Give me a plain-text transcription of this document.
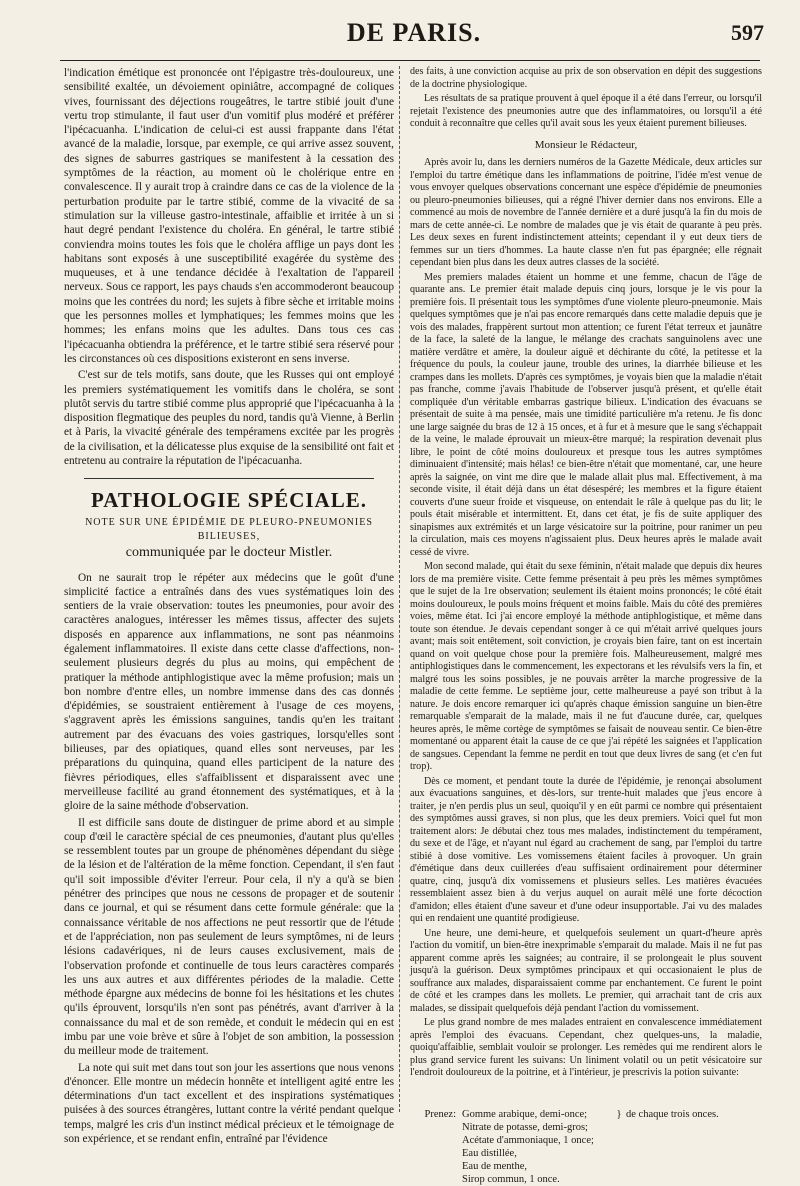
DE PARIS.	597

l'indication émétique est prononcée ont l'épigastre très-douloureux, une sensibilité exaltée, un dévoiement opiniâtre, accompagné de coliques vives, fournissant des déjections rougeâtres, le tartre stibié jouit d'une vertu trop stimulante, il faut user d'un vomitif plus modéré et préférer l'ipécacuanha. L'indication de celui-ci est aussi frappante dans l'état avancé de la maladie, lorsque, par exemple, ce qui arrive assez souvent, des signes de saburres gastriques se manifestent à la cessation des symptômes de la réaction, au moment où le cholérique entre en convalescence. Il y aurait trop à craindre dans ce cas de la violence de la perturbation produite par le tartre stibié, comme de la vivacité de sa stimulation sur la villeuse gastro-intestinale, affaiblie et irritée à un si haut degré pendant l'existence du choléra. En général, le tartre stibié conviendra moins toutes les fois que le choléra afflige un pays dont les habitans sont exposés à une susceptibilité exagérée du système des muqueuses, et à une tendance décidée à l'exaltation de l'appareil nerveux. Sous ce rapport, les pays chauds s'en accommoderont beaucoup moins que les contrées du nord; les sujets à fibre sèche et irritable moins que les personnes molles et lymphatiques; les femmes moins que les hommes; les enfans moins que les adultes. Dans tous ces cas l'ipécacuanha obtiendra la préférence, et le tartre stibié sera réservé pour les circonstances où ces dispositions existeront en sens inverse.

C'est sur de tels motifs, sans doute, que les Russes qui ont employé les premiers systématiquement les vomitifs dans le choléra, se sont plutôt servis du tartre stibié comme plus approprié que l'ipécacuanha à la disposition flegmatique des peuples du nord, tandis qu'à Vienne, à Berlin et à Paris, la vivacité générale des tempéramens excitée par les progrès de la civilisation, et la délicatesse plus exquise de la sensibilité ont fait et entretenu au contraire la réputation de l'ipécacuanha.

PATHOLOGIE SPÉCIALE.
NOTE SUR UNE ÉPIDÉMIE DE PLEURO-PNEUMONIES BILIEUSES,
communiquée par le docteur Mistler.

On ne saurait trop le répéter aux médecins que le goût d'une simplicité factice a entraînés dans des vues systématiques loin des sentiers de la vraie observation: toutes les pneumonies, pour avoir des caractères analogues, intéresser les mêmes tissus, affecter des sujets disposés en apparence aux inflammations, ne sont pas néanmoins également inflammatoires. Il existe dans cette classe d'affections, non-seulement plusieurs degrés du plus au moins, qui empêchent de pratiquer la méthode antiphlogistique avec la même profusion; mais un bon nombre d'entre elles, un nombre immense dans des cas donnés d'épidémies, se soustraient entièrement à l'usage de ces moyens, s'aggravent après les émissions sanguines, tandis qu'en les traitant autrement par des évacuans des voies gastriques, lorsqu'elles sont bilieuses, par des opiatiques, quand elles sont nerveuses, par les préparations du quinquina, quand elles participent de la nature des fièvres périodiques, elles s'affaiblissent et disparaissent avec une merveilleuse facilité au grand étonnement des systématiques, et à la gloire de la saine méthode d'observation.

Il est difficile sans doute de distinguer de prime abord et au simple coup d'œil le caractère spécial de ces pneumonies, d'autant plus qu'elles se ressemblent toutes par un groupe de phénomènes dépendant du siège de la lésion et de l'altération de la même fonction. Cependant, il s'en faut qu'il soit impossible d'éviter l'erreur. Pour cela, il n'y a qu'à se bien pénétrer des principes que nous ne cessons de propager et de soutenir dans ce journal, et qui se résument dans cette formule générale: que la connaissance véritable de nos affections ne peut ressortir que de l'étude et de l'appréciation, non pas seulement de leurs symptômes, ni de leurs lésions cadavériques, ni de leurs causes exclusivement, mais de l'observation profonde et continuelle de tous leurs caractères comparés les uns aux autres et aux différentes périodes de la maladie. Cette méthode épargne aux médecins de bonne foi les hésitations et les chutes qu'ils éprouvent, lorsqu'ils n'en sont pas pénétrés, avant d'arriver à la connaissance du mal et de son remède, et conduit le médecin qui en est imbu par une voie brève et sûre à l'objet de son ambition, la possession du meilleur mode de traitement.

La note qui suit met dans tout son jour les assertions que nous venons d'énoncer. Elle montre un médecin honnête et intelligent agité entre les déterminations d'un tact excellent et des inspirations systématiques puisées à des sources étrangères, luttant contre la vérité pendant quelque temps, malgré les cris d'un instinct médical précieux et le témoignage de son expérience, et se rendant enfin, entraîné par l'évidence

des faits, à une conviction acquise au prix de son observation en dépit des suggestions de la doctrine physiologique.

Les résultats de sa pratique prouvent à quel époque il a été dans l'erreur, ou lorsqu'il rejetait l'existence des pneumonies autre que des inflammatoires, ou lorsqu'il a été conduit à reconnaître que celles qu'il avait sous les yeux étaient purement bilieuses.

Monsieur le Rédacteur,

Après avoir lu, dans les derniers numéros de la Gazette Médicale, deux articles sur l'emploi du tartre émétique dans les inflammations de poitrine, l'idée m'est venue de vous envoyer quelques observations concernant une espèce d'épidémie de pneumonies ou pleuro-pneumonies bilieuses, qui a régné l'hiver dernier dans nos environs. Elle a commencé au mois de novembre de l'année dernière et a duré jusqu'à la fin du mois de mars de cette année-ci. Le nombre de malades que je vis était de quarante à peu près. Les deux sexes en furent indistinctement atteints; cependant il y eut deux tiers de femmes sur un tiers d'hommes. La haute classe n'en fut pas épargnée; elle régnait cependant bien plus dans les deux autres classes de la société.

Mes premiers malades étaient un homme et une femme, chacun de l'âge de quarante ans. Le premier était malade depuis cinq jours, lorsque je le vis pour la première fois. Il présentait tous les symptômes d'une violente pleuro-pneumonie. Mais quelques symptômes que je n'ai pas encore remarqués dans cette maladie depuis que je vois des malades, frappèrent surtout mon attention; ce furent l'état terreux et jaunâtre de la face, la saleté de la langue, le mélange des crachats sanguinolens avec une matière verdâtre et amère, la douleur aiguë et déchirante du côté, la petitesse et la fréquence du pouls, la couleur jaune, trouble des urines, la diarrhée bilieuse et les crampes dans les mollets. D'après ces symptômes, je voyais bien que la maladie n'était pas franche, comme j'avais l'habitude de l'observer jusqu'à présent, et qu'elle était compliquée d'un véritable embarras gastrique bilieux. L'indication des évacuans se présentait de suite à ma pensée, mais une timidité particulière m'a retenu. Je fis donc une large saignée du bras de 12 à 15 onces, et à fur et à mesure que le sang s'échappait de la veine, le malade éprouvait un mieux-être marqué; la respiration devenait plus libre, le point de côté moins douloureux et presque tous les autres symptômes diminuaient d'intensité; mais hélas! ce bien-être n'était que momentané, car, une heure après la saignée, on vint me dire que le malade allait plus mal. Effectivement, à ma seconde visite, il était déjà dans un état désespéré; les membres et la figure étaient couverts d'une sueur froide et visqueuse, on entendait le râle à quelque pas du lit; le pouls était misérable et intermittent. Et, dans cet état, je fis de suite appliquer des sinapismes aux extrémités et un large vésicatoire sur la poitrine, pour ranimer un peu la circulation, mais ces moyens n'agissaient plus. Deux heures après le malade avait cessé de vivre.

Mon second malade, qui était du sexe féminin, n'était malade que depuis dix heures lors de ma première visite. Cette femme présentait à peu près les mêmes symptômes que le sujet de la 1re observation; seulement ils étaient moins prononcés; le côté était moins douloureux, le pouls moins fréquent et moins faible. Mais du côté des premières voies, même état. Ici j'ai encore employé la méthode antiphlogistique, et même dans toute son étendue. Je devais cependant songer à ce qui m'était arrivé quelques jours avant; mais soit entêtement, soit conviction, je croyais bien faire, tant on est incertain quand on voit quelque chose pour la première fois. Malheureusement, malgré mes antiphlogistiques dans le commencement, les expectorans et les révulsifs vers la fin, et malgré tous les soins possibles, je ne pouvais arrêter la marche progressive de la maladie de cette femme. Le septième jour, cette malheureuse a payé son tribut à la nature. Je dois encore remarquer ici qu'après chaque émission sanguine un bien-être remarquable s'emparait de la malade, mais il ne fut d'aucune durée, car, quelques heures après, le même cortège de symptômes se faisait de nouveau sentir. Ce bien-être momentané ou apparent était la cause de ce que j'ai répété les saignées et l'application de sangsues. Cependant la femme ne perdit en tout que deux livres de sang (et c'en fut trop).

Dès ce moment, et pendant toute la durée de l'épidémie, je renonçai absolument aux évacuations sanguines, et dès-lors, sur trente-huit malades que j'eus encore à traiter, je n'en perdis plus un seul, quoiqu'il y en eût parmi ce nombre qui présentaient des symptômes aussi graves, si non plus, que les deux premiers. Voici quel fut mon traitement alors: Je débutai chez tous mes malades, indistinctement du tempérament, du sexe et de l'âge, et n'ayant nul égard au crachement de sang, par l'emploi du tartre stibié à dose vomitive. Les vomissemens étaient faciles à provoquer. Un grain d'émétique dans deux cuillerées d'eau suffisaient ordinairement pour déterminer quatre, cinq, jusqu'à dix vomissemens et plusieurs selles. Les matières évacuées ressemblaient assez bien à du verjus auquel on aurait mêlé une forte décoction d'amidon; elles étaient d'une saveur et d'une odeur insupportable. J'ai vu des malades qui en rendaient une quantité prodigieuse.

Une heure, une demi-heure, et quelquefois seulement un quart-d'heure après l'action du vomitif, un bien-être inexprimable s'emparait du malade. Mais il ne fut pas apparent comme après les saignées; au contraire, il se prolongeait le plus souvent jusqu'à la guérison. Deux symptômes principaux et qui occasionaient le plus de souffrance aux malades, disparaissaient comme par enchantement. Ce furent le point de côté et les crampes dans les mollets. Le premier, qui arrachait tant de cris aux malades, se dissipait quelquefois déjà pendant l'action du vomissement.

Le plus grand nombre de mes malades entraient en convalescence immédiatement après l'emploi des évacuans. Cependant, chez quelques-uns, la maladie, quoiqu'affaiblie, semblait vouloir se prolonger. Les remèdes qui me rendirent alors le plus grand service furent les suivans: Un liniment volatil ou un petit vésicatoire sur l'endroit douloureux de la poitrine, et à l'intérieur, je prescrivis la potion suivante:

Prenez: Gomme arabique, demi-once;
Nitrate de potasse, demi-gros;
Acétate d'ammoniaque, 1 once;
Eau distillée,
Eau de menthe,
Sirop commun, 1 once.
} de chaque trois onces.
